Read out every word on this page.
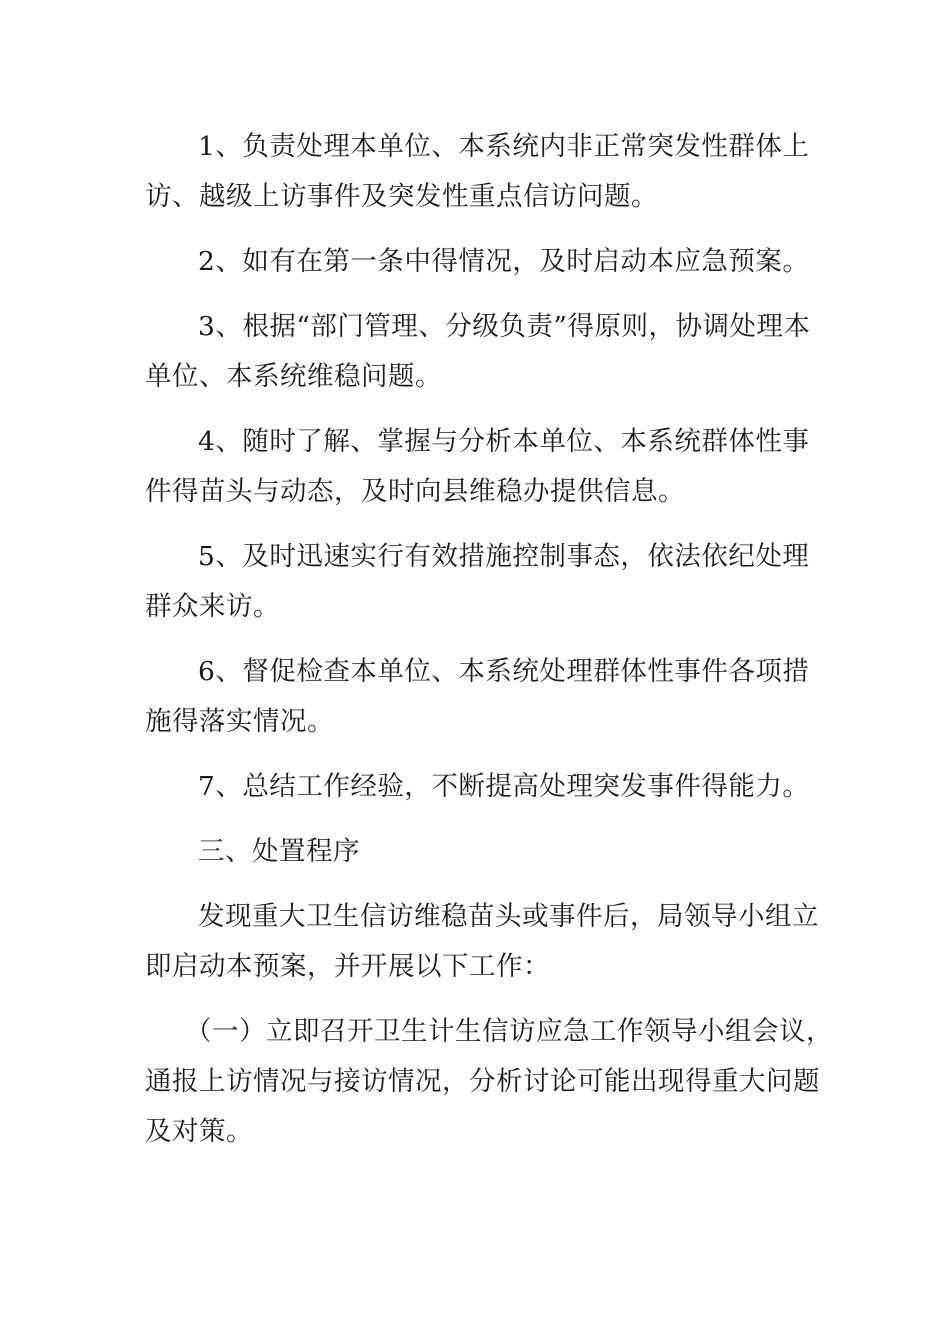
1、负责处理本单位、本系统内非正常突发性群体上访、越级上访事件及突发性重点信访问题。

2、如有在第一条中得情况，及时启动本应急预案。

3、根据“部门管理、分级负责”得原则，协调处理本单位、本系统维稳问题。

4、随时了解、掌握与分析本单位、本系统群体性事件得苗头与动态，及时向县维稳办提供信息。

5、及时迅速实行有效措施控制事态，依法依纪处理群众来访。

6、督促检查本单位、本系统处理群体性事件各项措施得落实情况。

7、总结工作经验，不断提高处理突发事件得能力。

三、处置程序

发现重大卫生信访维稳苗头或事件后，局领导小组立即启动本预案，并开展以下工作：

（一）立即召开卫生计生信访应急工作领导小组会议，通报上访情况与接访情况，分析讨论可能出现得重大问题及对策。
